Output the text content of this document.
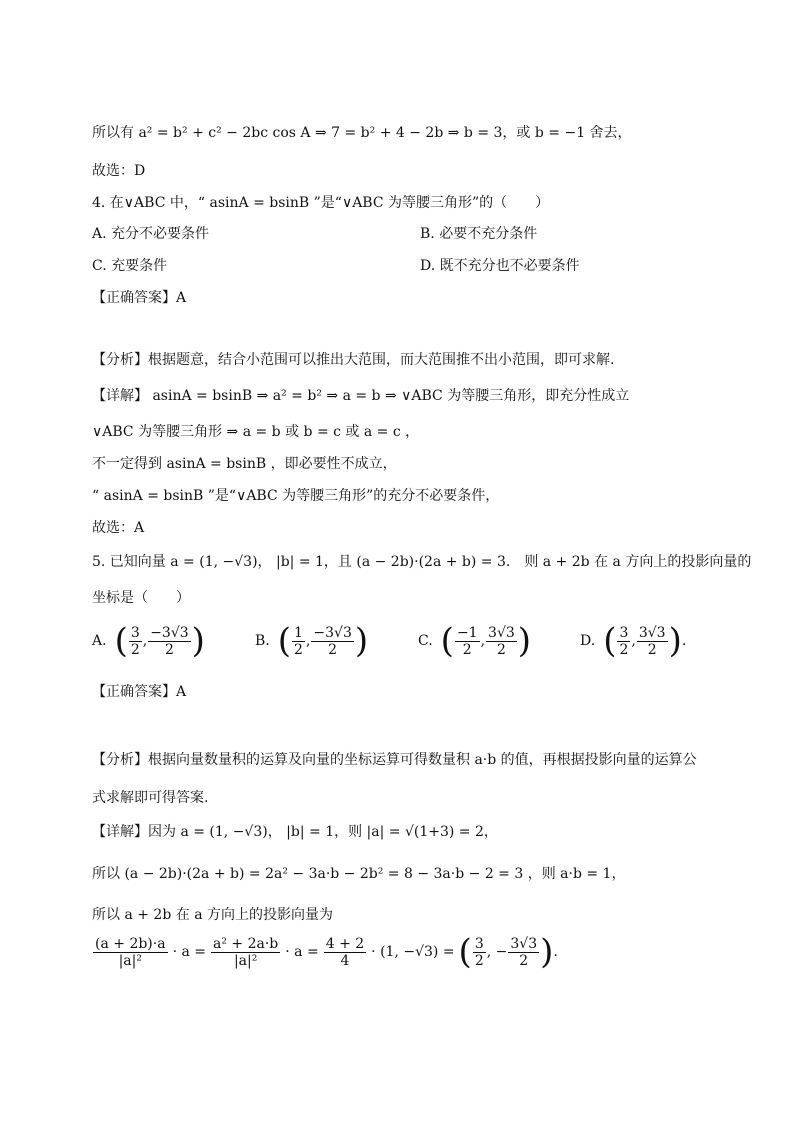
所以有 a² = b² + c² − 2bc cos A ⇒ 7 = b² + 4 − 2b ⇒ b = 3，或 b = −1 舍去，
故选：D
4. 在∨ABC 中，“ asinA = bsinB ”是“∨ABC 为等腰三角形”的（　　）
A. 充分不必要条件	B. 必要不充分条件
C. 充要条件	D. 既不充分也不必要条件
【正确答案】A
【分析】根据题意，结合小范围可以推出大范围，而大范围推不出小范围，即可求解.
【详解】 asinA = bsinB ⇒ a² = b² ⇒ a = b ⇒ ∨ABC 为等腰三角形，即充分性成立
∨ABC 为等腰三角形 ⇒ a = b 或 b = c 或 a = c ，
不一定得到 asinA = bsinB ，即必要性不成立，
“ asinA = bsinB ”是“∨ABC 为等腰三角形”的充分不必要条件，
故选：A
5. 已知向量 a = (1, −√3)， |b| = 1，且 (a − 2b)·(2a + b) = 3． 则 a + 2b 在 a 方向上的投影向量的
坐标是（　　）
A. ( $\frac{3}{2}$ , $\frac{-3√3}{2}$ )	B. ( $\frac{1}{2}$ , $\frac{-3√3}{2}$ )	C. ( $\frac{-1}{2}$ , $\frac{3√3}{2}$ )	D. ( $\frac{3}{2}$ , $\frac{3√3}{2}$ ) .
【正确答案】A
【分析】根据向量数量积的运算及向量的坐标运算可得数量积 a·b 的值，再根据投影向量的运算公
式求解即可得答案.
【详解】因为 a = (1, −√3)， |b| = 1，则 |a| = √(1+3) = 2，
所以 (a − 2b)·(2a + b) = 2a² − 3a·b − 2b² = 8 − 3a·b − 2 = 3 ，则 a·b = 1，
所以 a + 2b 在 a 方向上的投影向量为
$\frac{(a + 2b)\cdot a}{\text{|a|²}} \cdot a = \frac{\text{a² + 2a·b}}{\text{|a|²}} \cdot a = \frac{4 + 2}{4} \cdot (1$, −√3) = ( $\frac{3}{2}$ , − $\frac{3√3}{2}$ ) .
